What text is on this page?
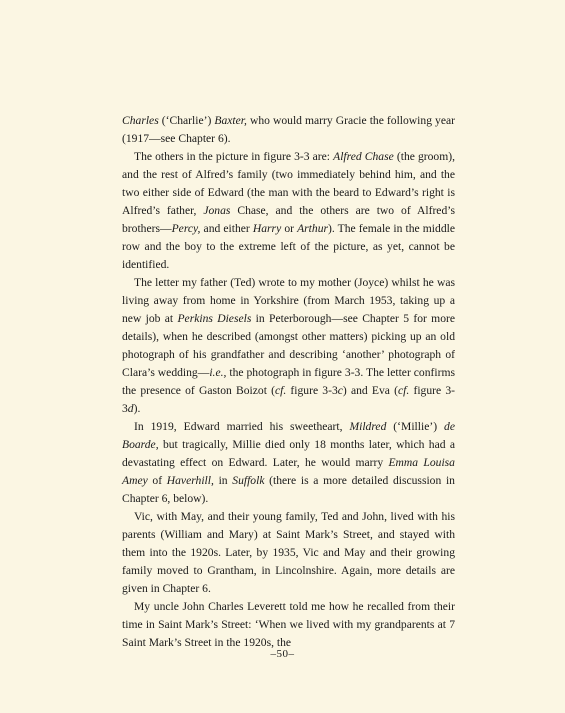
Charles (‘Charlie’) Baxter, who would marry Gracie the following year (1917—see Chapter 6).

The others in the picture in figure 3-3 are: Alfred Chase (the groom), and the rest of Alfred’s family (two immediately behind him, and the two either side of Edward (the man with the beard to Edward’s right is Alfred’s father, Jonas Chase, and the others are two of Alfred’s brothers—Percy, and either Harry or Arthur). The female in the middle row and the boy to the extreme left of the picture, as yet, cannot be identified.

The letter my father (Ted) wrote to my mother (Joyce) whilst he was living away from home in Yorkshire (from March 1953, taking up a new job at Perkins Diesels in Peterborough—see Chapter 5 for more details), when he described (amongst other matters) picking up an old photograph of his grandfather and describing ‘another’ photograph of Clara’s wedding—i.e., the photograph in figure 3-3. The letter confirms the presence of Gaston Boizot (cf. figure 3-3c) and Eva (cf. figure 3-3d).

In 1919, Edward married his sweetheart, Mildred (‘Millie’) de Boarde, but tragically, Millie died only 18 months later, which had a devastating effect on Edward. Later, he would marry Emma Louisa Amey of Haverhill, in Suffolk (there is a more detailed discussion in Chapter 6, below).

Vic, with May, and their young family, Ted and John, lived with his parents (William and Mary) at Saint Mark’s Street, and stayed with them into the 1920s. Later, by 1935, Vic and May and their growing family moved to Grantham, in Lincolnshire. Again, more details are given in Chapter 6.

My uncle John Charles Leverett told me how he recalled from their time in Saint Mark’s Street: ‘When we lived with my grandparents at 7 Saint Mark’s Street in the 1920s, the

–50–
